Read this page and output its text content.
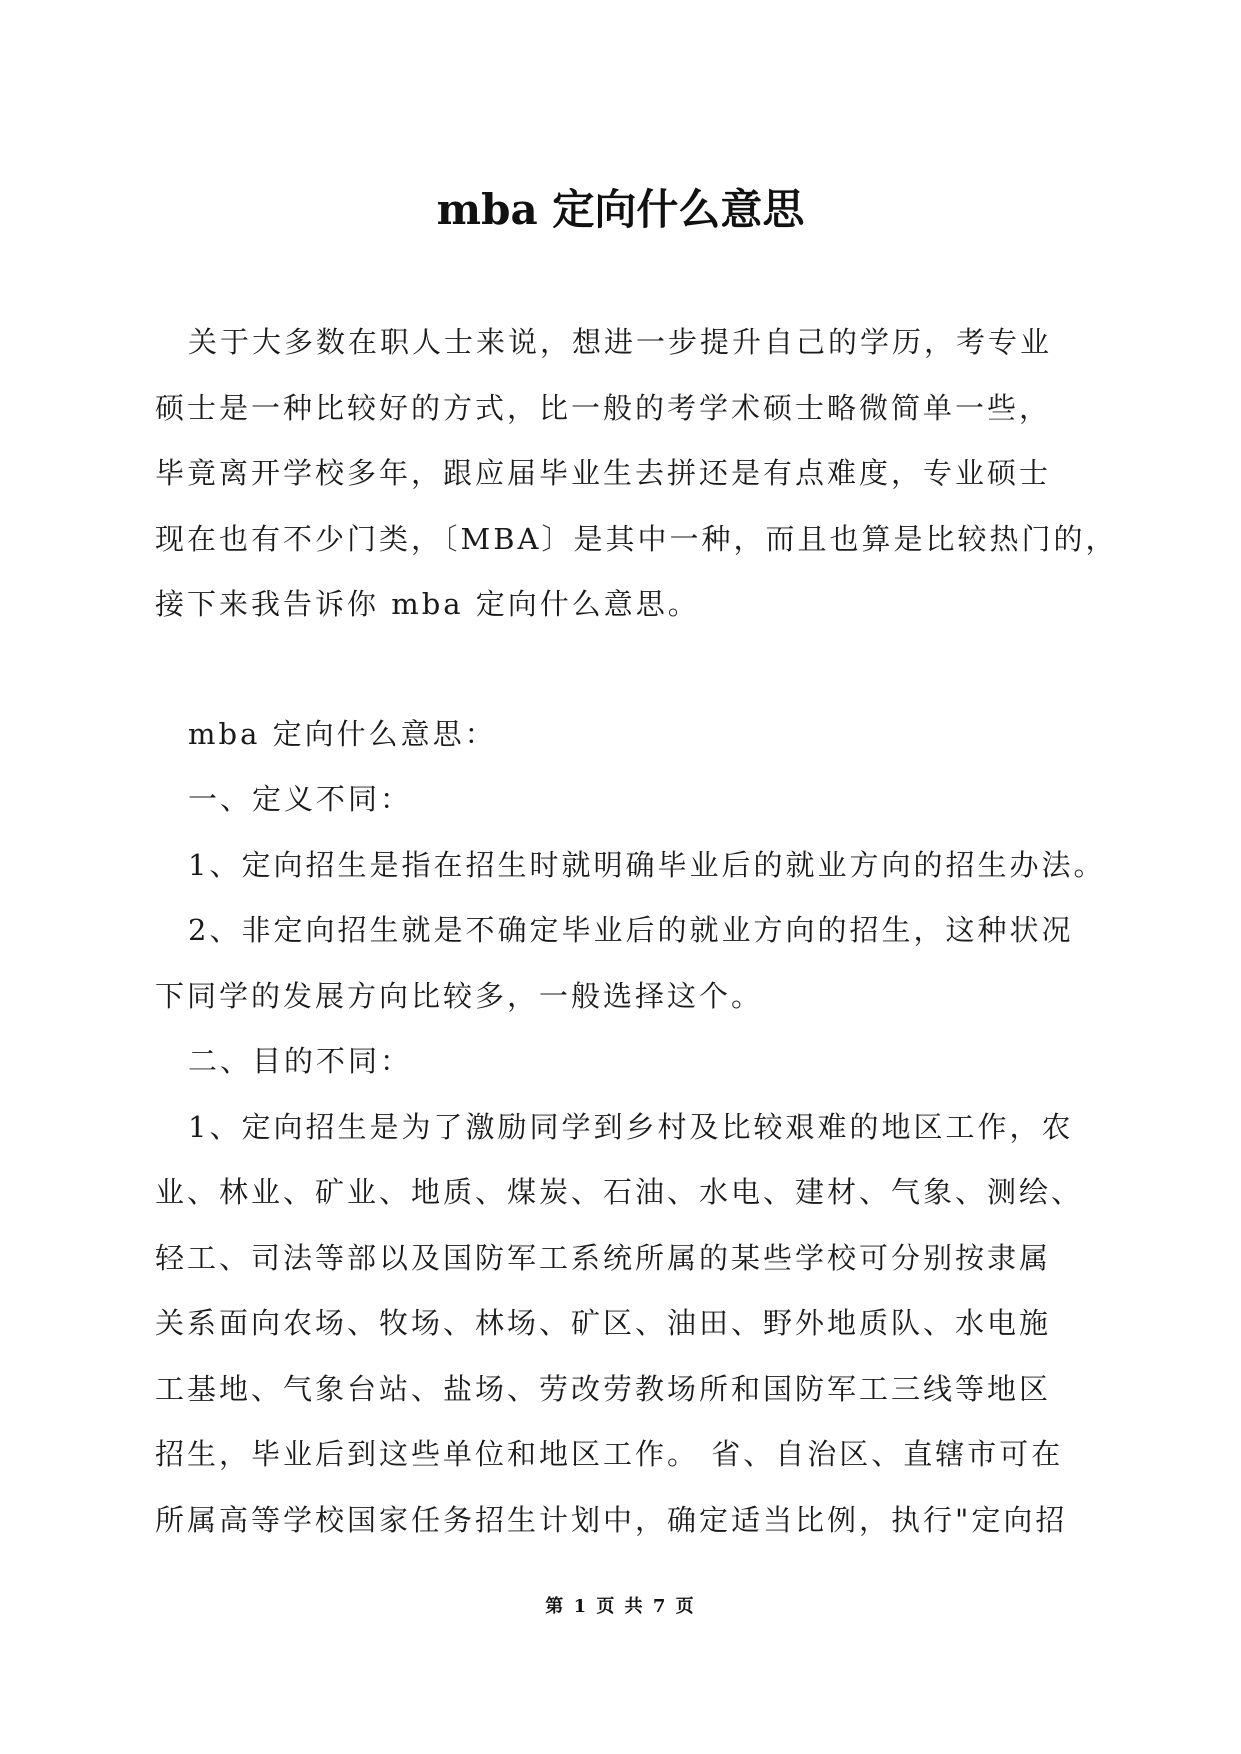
mba 定向什么意思
关于大多数在职人士来说，想进一步提升自己的学历，考专业
硕士是一种比较好的方式，比一般的考学术硕士略微简单一些，
毕竟离开学校多年，跟应届毕业生去拼还是有点难度，专业硕士
现在也有不少门类，〔MBA〕是其中一种，而且也算是比较热门的，
接下来我告诉你 mba 定向什么意思。
mba 定向什么意思：
一、定义不同：
1、定向招生是指在招生时就明确毕业后的就业方向的招生办法。
2、非定向招生就是不确定毕业后的就业方向的招生，这种状况
下同学的发展方向比较多，一般选择这个。
二、目的不同：
1、定向招生是为了激励同学到乡村及比较艰难的地区工作，农
业、林业、矿业、地质、煤炭、石油、水电、建材、气象、测绘、
轻工、司法等部以及国防军工系统所属的某些学校可分别按隶属
关系面向农场、牧场、林场、矿区、油田、野外地质队、水电施
工基地、气象台站、盐场、劳改劳教场所和国防军工三线等地区
招生，毕业后到这些单位和地区工作。 省、自治区、直辖市可在
所属高等学校国家任务招生计划中，确定适当比例，执行"定向招
第 1 页 共 7 页
